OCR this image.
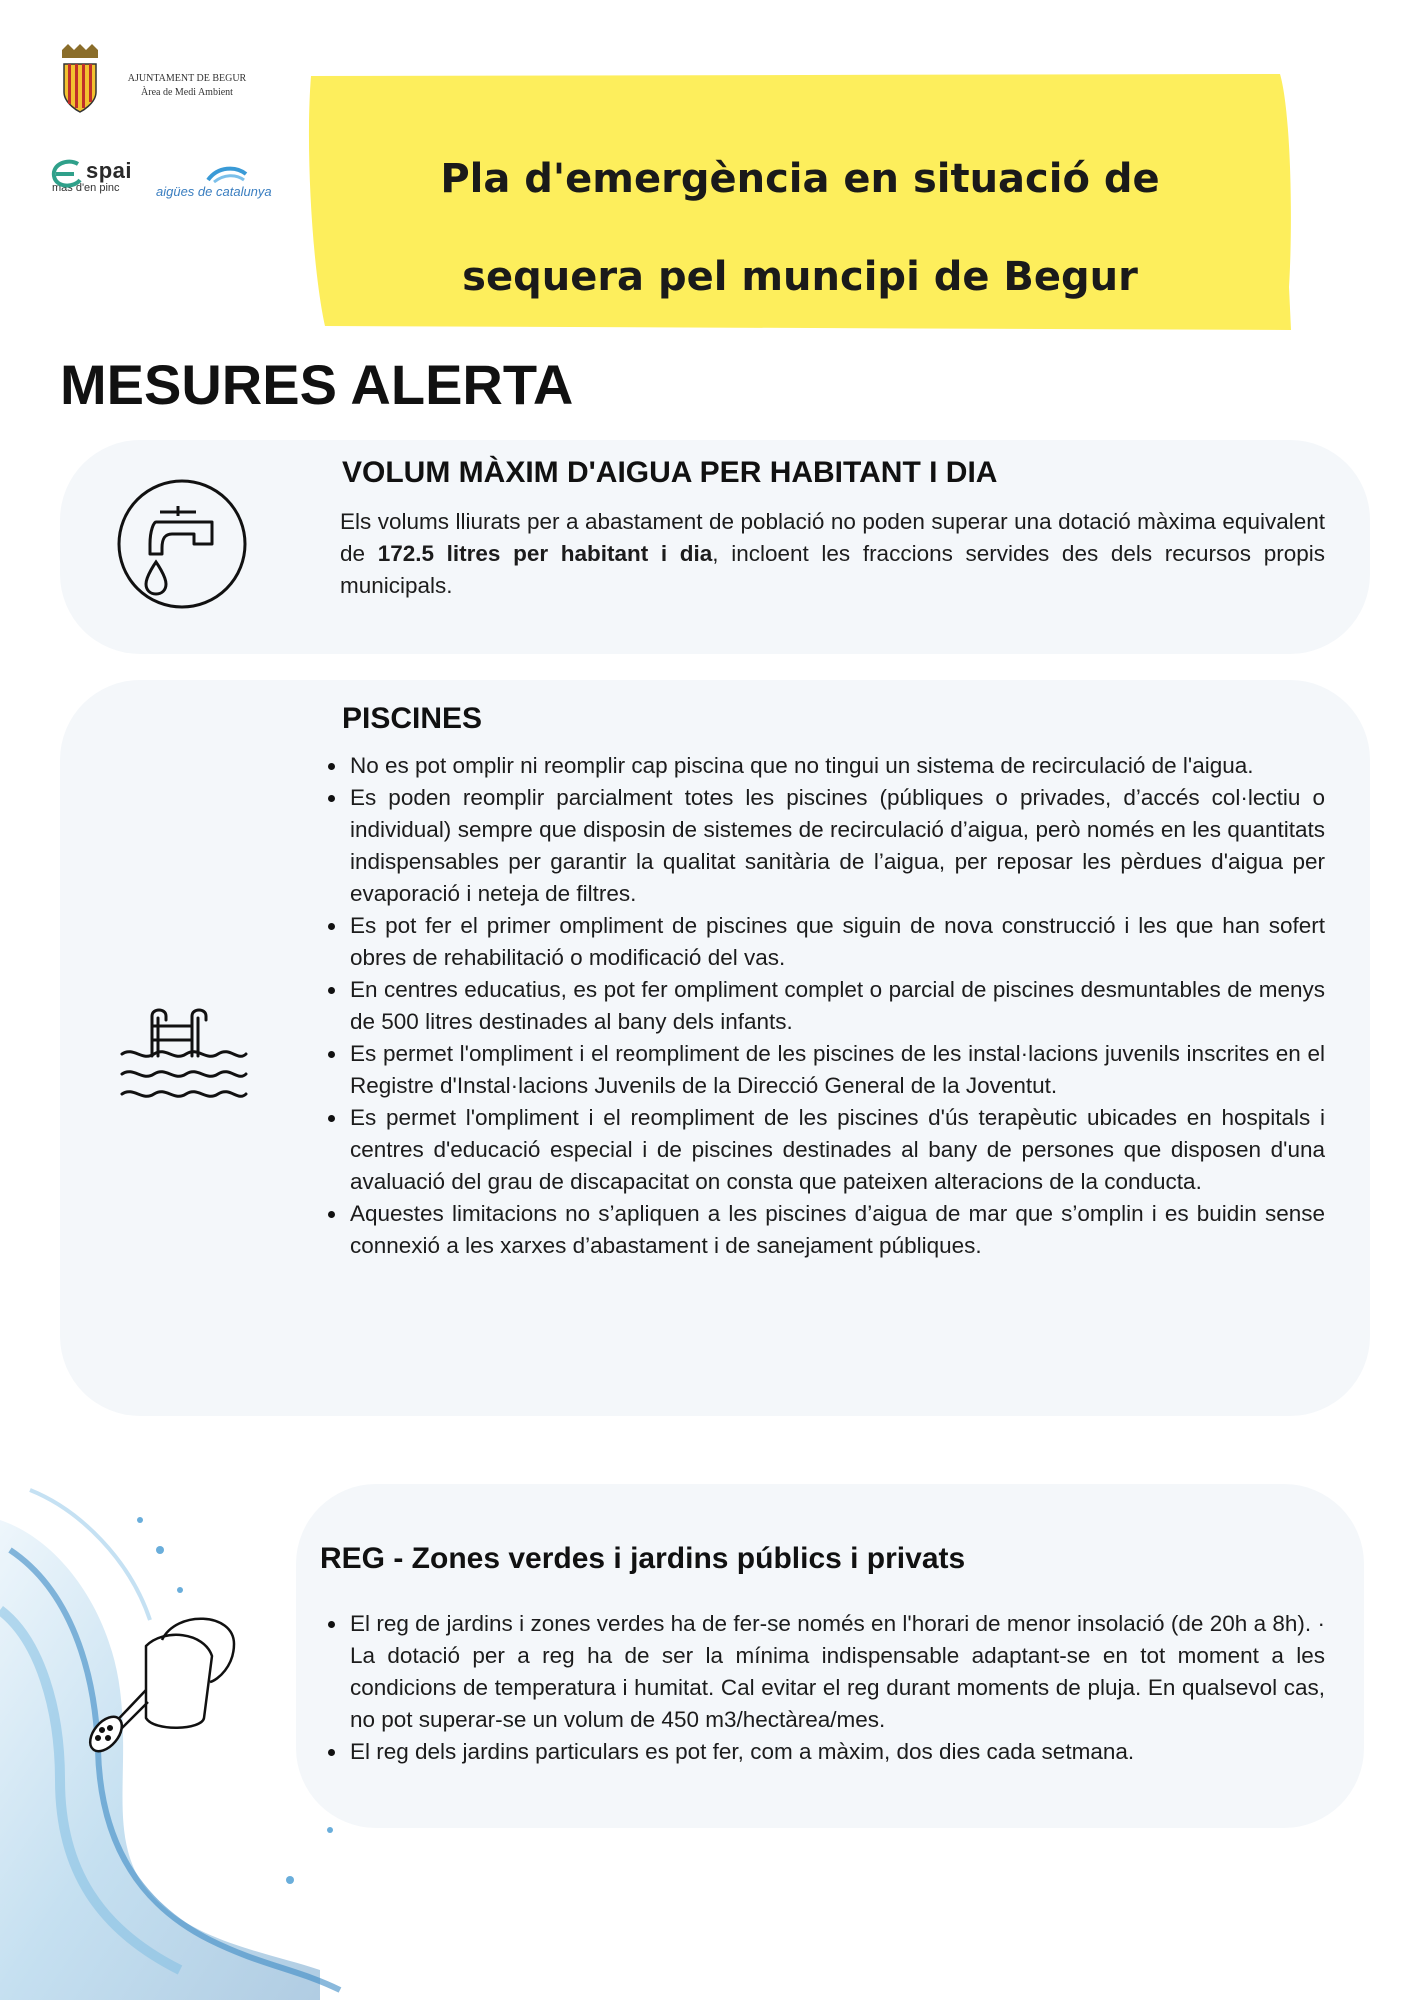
AJUNTAMENT DE BEGUR
Àrea de Medi Ambient
spai
mas d'en pinc	aigües de catalunya	Pla d'emergència en situació de
sequera pel muncipi de Begur
MESURES ALERTA
VOLUM MÀXIM D'AIGUA PER HABITANT I DIA
Els volums lliurats per a abastament de població no poden superar una dotació màxima equivalent de 172.5 litres per habitant i dia, incloent les fraccions servides des dels recursos propis municipals.
PISCINES
No es pot omplir ni reomplir cap piscina que no tingui un sistema de recirculació de l'aigua.
Es poden reomplir parcialment totes les piscines (públiques o privades, d’accés col·lectiu o individual) sempre que disposin de sistemes de recirculació d’aigua, però només en les quantitats indispensables per garantir la qualitat sanitària de l’aigua, per reposar les pèrdues d'aigua per evaporació i neteja de filtres.
Es pot fer el primer ompliment de piscines que siguin de nova construcció i les que han sofert obres de rehabilitació o modificació del vas.
En centres educatius, es pot fer ompliment complet o parcial de piscines desmuntables de menys de 500 litres destinades al bany dels infants.
Es permet l'ompliment i el reompliment de les piscines de les instal·lacions juvenils inscrites en el Registre d'Instal·lacions Juvenils de la Direcció General de la Joventut.
Es permet l'ompliment i el reompliment de les piscines d'ús terapèutic ubicades en hospitals i centres d'educació especial i de piscines destinades al bany de persones que disposen d'una avaluació del grau de discapacitat on consta que pateixen alteracions de la conducta.
Aquestes limitacions no s’apliquen a les piscines d’aigua de mar que s’omplin i es buidin sense connexió a les xarxes d’abastament i de sanejament públiques.
REG - Zones verdes i jardins públics i privats
El reg de jardins i zones verdes ha de fer-se només en l'horari de menor insolació (de 20h a 8h). · La dotació per a reg ha de ser la mínima indispensable adaptant-se en tot moment a les condicions de temperatura i humitat. Cal evitar el reg durant moments de pluja. En qualsevol cas, no pot superar-se un volum de 450 m3/hectàrea/mes.
El reg dels jardins particulars es pot fer, com a màxim, dos dies cada setmana.
